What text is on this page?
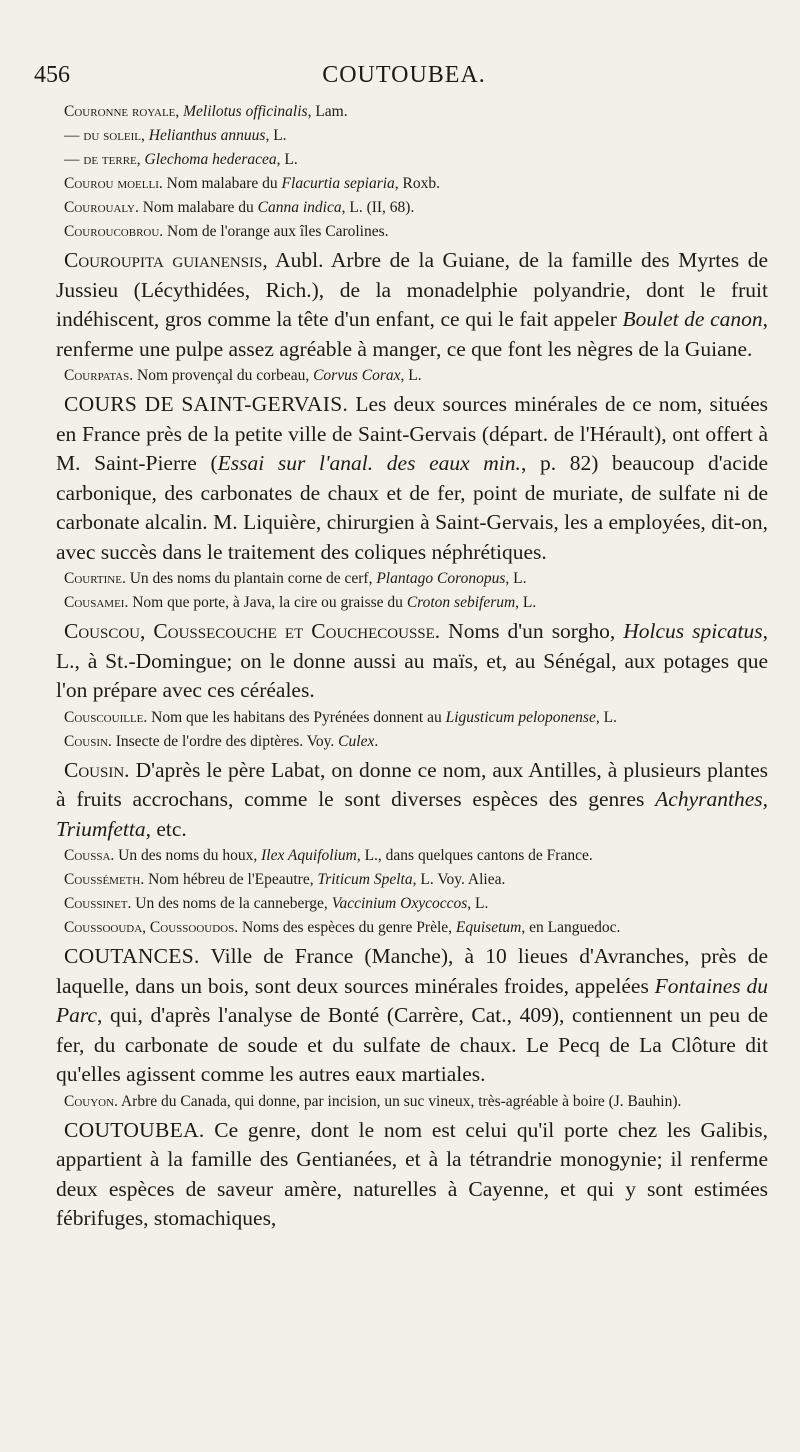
456	COUTOUBEA.

Couronne royale, Melilotus officinalis, Lam.

— du soleil, Helianthus annuus, L.

— de terre, Glechoma hederacea, L.

Courou moelli. Nom malabare du Flacurtia sepiaria, Roxb.

Couroualy. Nom malabare du Canna indica, L. (II, 68).

Couroucobrou. Nom de l'orange aux îles Carolines.

Couroupita guianensis, Aubl. Arbre de la Guiane, de la famille des Myrtes de Jussieu (Lécythidées, Rich.), de la monadelphie polyandrie, dont le fruit indéhiscent, gros comme la tête d'un enfant, ce qui le fait appeler Boulet de canon, renferme une pulpe assez agréable à manger, ce que font les nègres de la Guiane.

Courpatas. Nom provençal du corbeau, Corvus Corax, L.

COURS DE SAINT-GERVAIS. Les deux sources minérales de ce nom, situées en France près de la petite ville de Saint-Gervais (départ. de l'Hérault), ont offert à M. Saint-Pierre (Essai sur l'anal. des eaux min., p. 82) beaucoup d'acide carbonique, des carbonates de chaux et de fer, point de muriate, de sulfate ni de carbonate alcalin. M. Liquière, chirurgien à Saint-Gervais, les a employées, dit-on, avec succès dans le traitement des coliques néphrétiques.

Courtine. Un des noms du plantain corne de cerf, Plantago Coronopus, L.

Cousamei. Nom que porte, à Java, la cire ou graisse du Croton sebiferum, L.

Couscou, Coussecouche et Couchecousse. Noms d'un sorgho, Holcus spicatus, L., à St.-Domingue; on le donne aussi au maïs, et, au Sénégal, aux potages que l'on prépare avec ces céréales.

Couscouille. Nom que les habitans des Pyrénées donnent au Ligusticum peloponense, L.

Cousin. Insecte de l'ordre des diptères. Voy. Culex.

Cousin. D'après le père Labat, on donne ce nom, aux Antilles, à plusieurs plantes à fruits accrochans, comme le sont diverses espèces des genres Achyranthes, Triumfetta, etc.

Coussa. Un des noms du houx, Ilex Aquifolium, L., dans quelques cantons de France.

Coussémeth. Nom hébreu de l'Epeautre, Triticum Spelta, L. Voy. Aliea.

Coussinet. Un des noms de la canneberge, Vaccinium Oxycoccos, L.

Coussoouda, Coussooudos. Noms des espèces du genre Prèle, Equisetum, en Languedoc.

COUTANCES. Ville de France (Manche), à 10 lieues d'Avranches, près de laquelle, dans un bois, sont deux sources minérales froides, appelées Fontaines du Parc, qui, d'après l'analyse de Bonté (Carrère, Cat., 409), contiennent un peu de fer, du carbonate de soude et du sulfate de chaux. Le Pecq de La Clôture dit qu'elles agissent comme les autres eaux martiales.

Couyon. Arbre du Canada, qui donne, par incision, un suc vineux, très-agréable à boire (J. Bauhin).

COUTOUBEA. Ce genre, dont le nom est celui qu'il porte chez les Galibis, appartient à la famille des Gentianées, et à la tétrandrie monogynie; il renferme deux espèces de saveur amère, naturelles à Cayenne, et qui y sont estimées fébrifuges, stomachiques,
